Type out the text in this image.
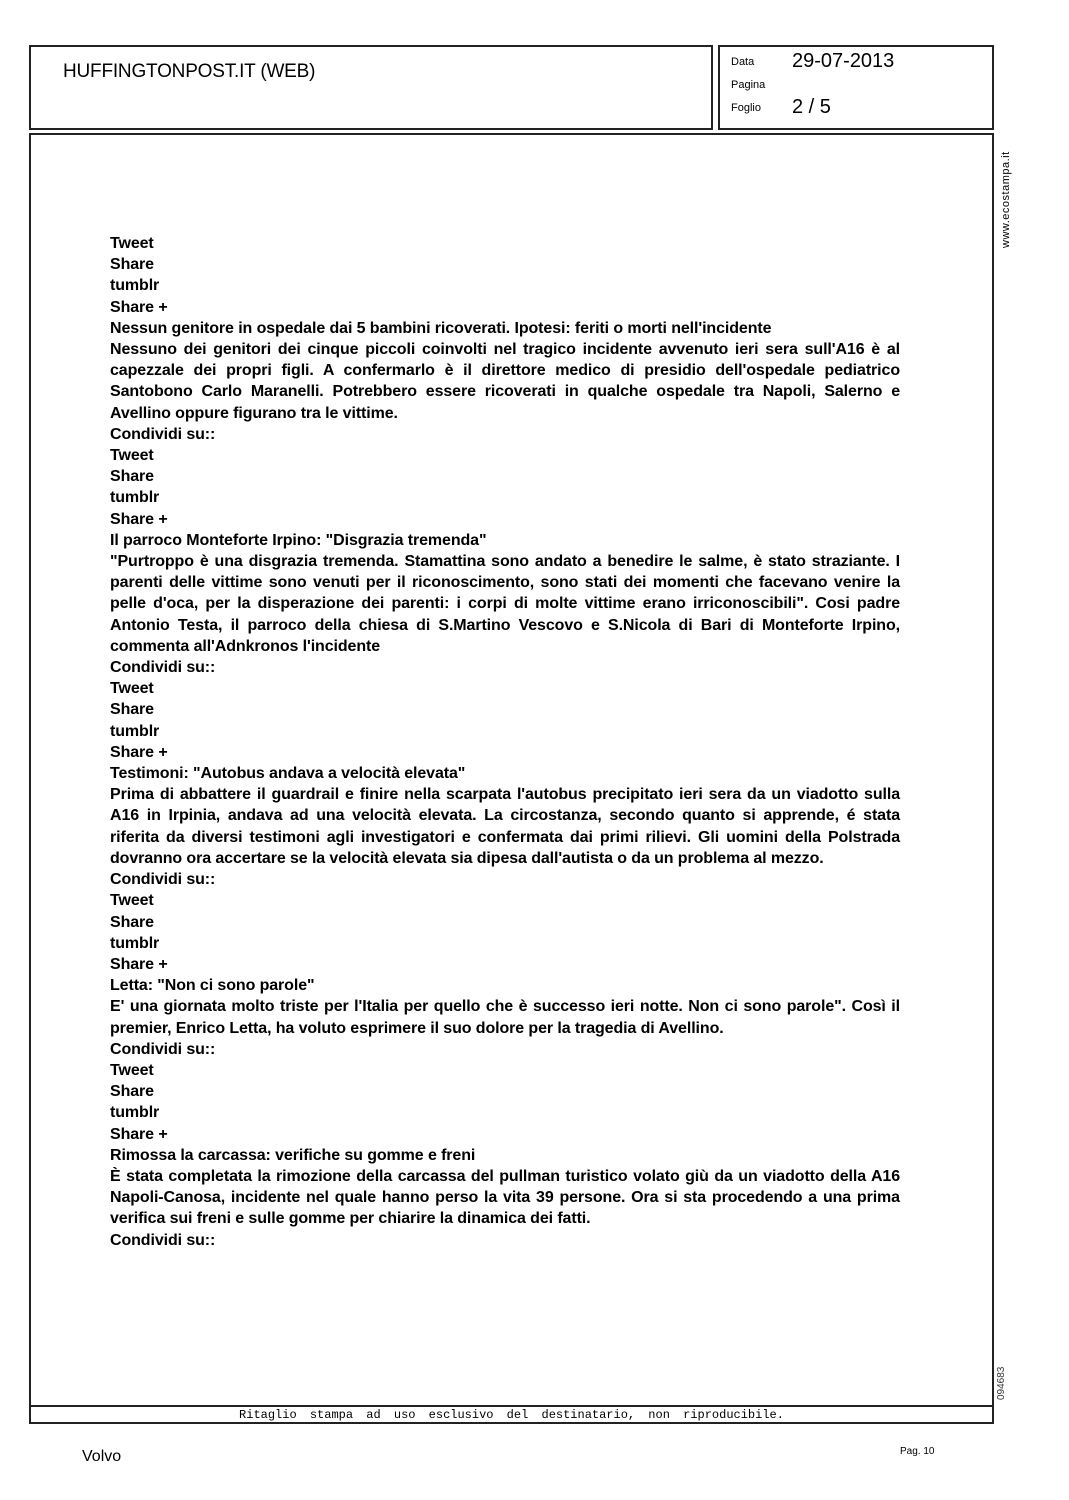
HUFFINGTONPOST.IT (WEB)	Data 29-07-2013
Pagina
Foglio 2 / 5
Ritaglio stampa ad uso esclusivo del destinatario, non riproducibile.
Tweet
Share
tumblr
Share +
Nessun genitore in ospedale dai 5 bambini ricoverati. Ipotesi: feriti o morti nell'incidente
Nessuno dei genitori dei cinque piccoli coinvolti nel tragico incidente avvenuto ieri sera sull'A16 è al capezzale dei propri figli. A confermarlo è il direttore medico di presidio dell'ospedale pediatrico Santobono Carlo Maranelli. Potrebbero essere ricoverati in qualche ospedale tra Napoli, Salerno e Avellino oppure figurano tra le vittime.
Condividi su::
Tweet
Share
tumblr
Share +
Il parroco Monteforte Irpino: "Disgrazia tremenda"
"Purtroppo è una disgrazia tremenda. Stamattina sono andato a benedire le salme, è stato straziante. I parenti delle vittime sono venuti per il riconoscimento, sono stati dei momenti che facevano venire la pelle d'oca, per la disperazione dei parenti: i corpi di molte vittime erano irriconoscibili". Cosi padre Antonio Testa, il parroco della chiesa di S.Martino Vescovo e S.Nicola di Bari di Monteforte Irpino, commenta all'Adnkronos l'incidente
Condividi su::
Tweet
Share
tumblr
Share +
Testimoni: "Autobus andava a velocità elevata"
Prima di abbattere il guardrail e finire nella scarpata l'autobus precipitato ieri sera da un viadotto sulla A16 in Irpinia, andava ad una velocità elevata. La circostanza, secondo quanto si apprende, é stata riferita da diversi testimoni agli investigatori e confermata dai primi rilievi. Gli uomini della Polstrada dovranno ora accertare se la velocità elevata sia dipesa dall'autista o da un problema al mezzo.
Condividi su::
Tweet
Share
tumblr
Share +
Letta: "Non ci sono parole"
E' una giornata molto triste per l'Italia per quello che è successo ieri notte. Non ci sono parole". Così il premier, Enrico Letta, ha voluto esprimere il suo dolore per la tragedia di Avellino.
Condividi su::
Tweet
Share
tumblr
Share +
Rimossa la carcassa: verifiche su gomme e freni
È stata completata la rimozione della carcassa del pullman turistico volato giù da un viadotto della A16 Napoli-Canosa, incidente nel quale hanno perso la vita 39 persone. Ora si sta procedendo a una prima verifica sui freni e sulle gomme per chiarire la dinamica dei fatti.
Condividi su::
www.ecostampa.it
094683
Volvo	Pag. 10
